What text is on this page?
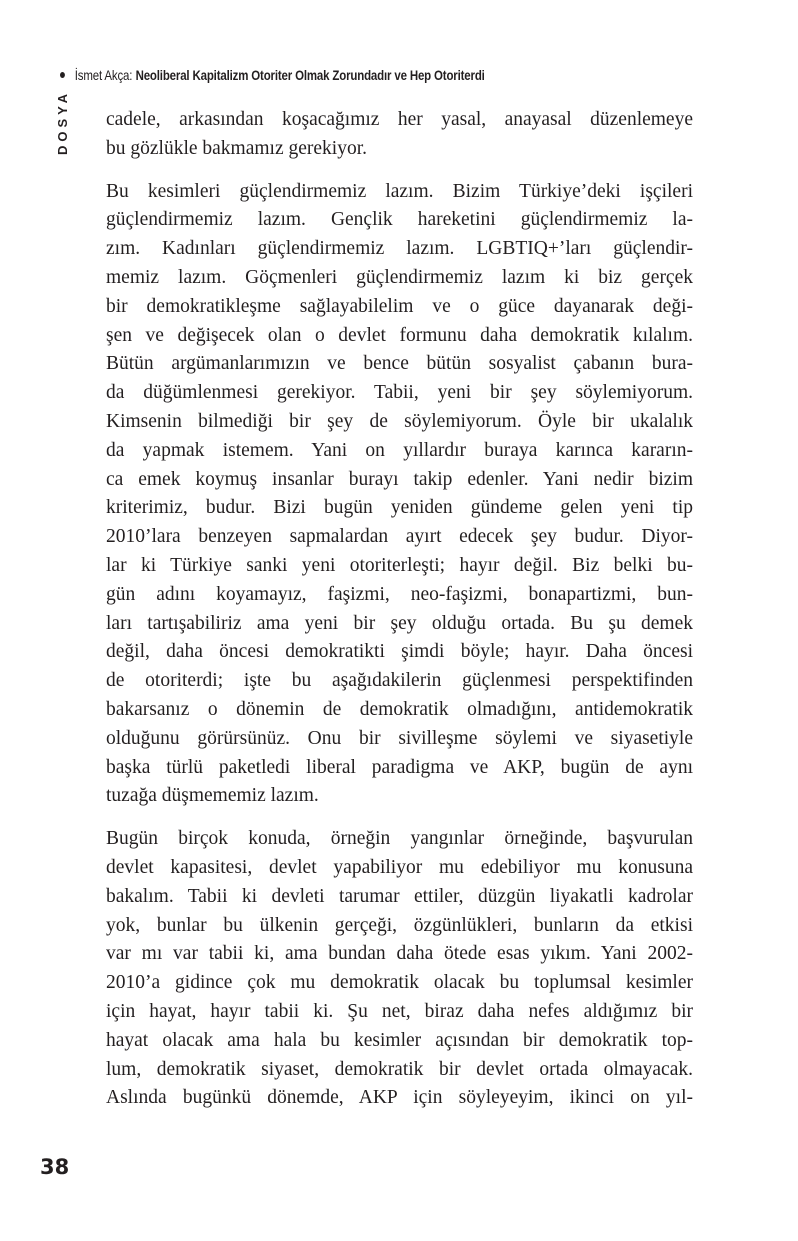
İsmet Akça: Neoliberal Kapitalizm Otoriter Olmak Zorundadır ve Hep Otoriterdi
DOSYA cadele, arkasından koşacağımız her yasal, anayasal düzenlemeye
bu gözlükle bakmamız gerekiyor.

Bu kesimleri güçlendirmemiz lazım. Bizim Türkiye’deki işçileri
güçlendirmemiz lazım. Gençlik hareketini güçlendirmemiz la-
zım. Kadınları güçlendirmemiz lazım. LGBTIQ+’ları güçlendir-
memiz lazım. Göçmenleri güçlendirmemiz lazım ki biz gerçek
bir demokratikleşme sağlayabilelim ve o güce dayanarak deği-
şen ve değişecek olan o devlet formunu daha demokratik kılalım.
Bütün argümanlarımızın ve bence bütün sosyalist çabanın bura-
da düğümlenmesi gerekiyor. Tabii, yeni bir şey söylemiyorum.
Kimsenin bilmediği bir şey de söylemiyorum. Öyle bir ukalalık
da yapmak istemem. Yani on yıllardır buraya karınca kararın-
ca emek koymuş insanlar burayı takip edenler. Yani nedir bizim
kriterimiz, budur. Bizi bugün yeniden gündeme gelen yeni tip
2010’lara benzeyen sapmalardan ayırt edecek şey budur. Diyor-
lar ki Türkiye sanki yeni otoriterleşti; hayır değil. Biz belki bu-
gün adını koyamayız, faşizmi, neo-faşizmi, bonapartizmi, bun-
ları tartışabiliriz ama yeni bir şey olduğu ortada. Bu şu demek
değil, daha öncesi demokratikti şimdi böyle; hayır. Daha öncesi
de otoriterdi; işte bu aşağıdakilerin güçlenmesi perspektifinden
bakarsanız o dönemin de demokratik olmadığını, antidemokratik
olduğunu görürsünüz. Onu bir sivilleşme söylemi ve siyasetiyle
başka türlü paketledi liberal paradigma ve AKP, bugün de aynı
tuzağa düşmememiz lazım.

Bugün birçok konuda, örneğin yangınlar örneğinde, başvurulan
devlet kapasitesi, devlet yapabiliyor mu edebiliyor mu konusuna
bakalım. Tabii ki devleti tarumar ettiler, düzgün liyakatli kadrolar
yok, bunlar bu ülkenin gerçeği, özgünlükleri, bunların da etkisi
var mı var tabii ki, ama bundan daha ötede esas yıkım. Yani 2002-
2010’a gidince çok mu demokratik olacak bu toplumsal kesimler
için hayat, hayır tabii ki. Şu net, biraz daha nefes aldığımız bir
hayat olacak ama hala bu kesimler açısından bir demokratik top-
lum, demokratik siyaset, demokratik bir devlet ortada olmayacak.
Aslında bugünkü dönemde, AKP için söyleyeyim, ikinci on yıl-

38
